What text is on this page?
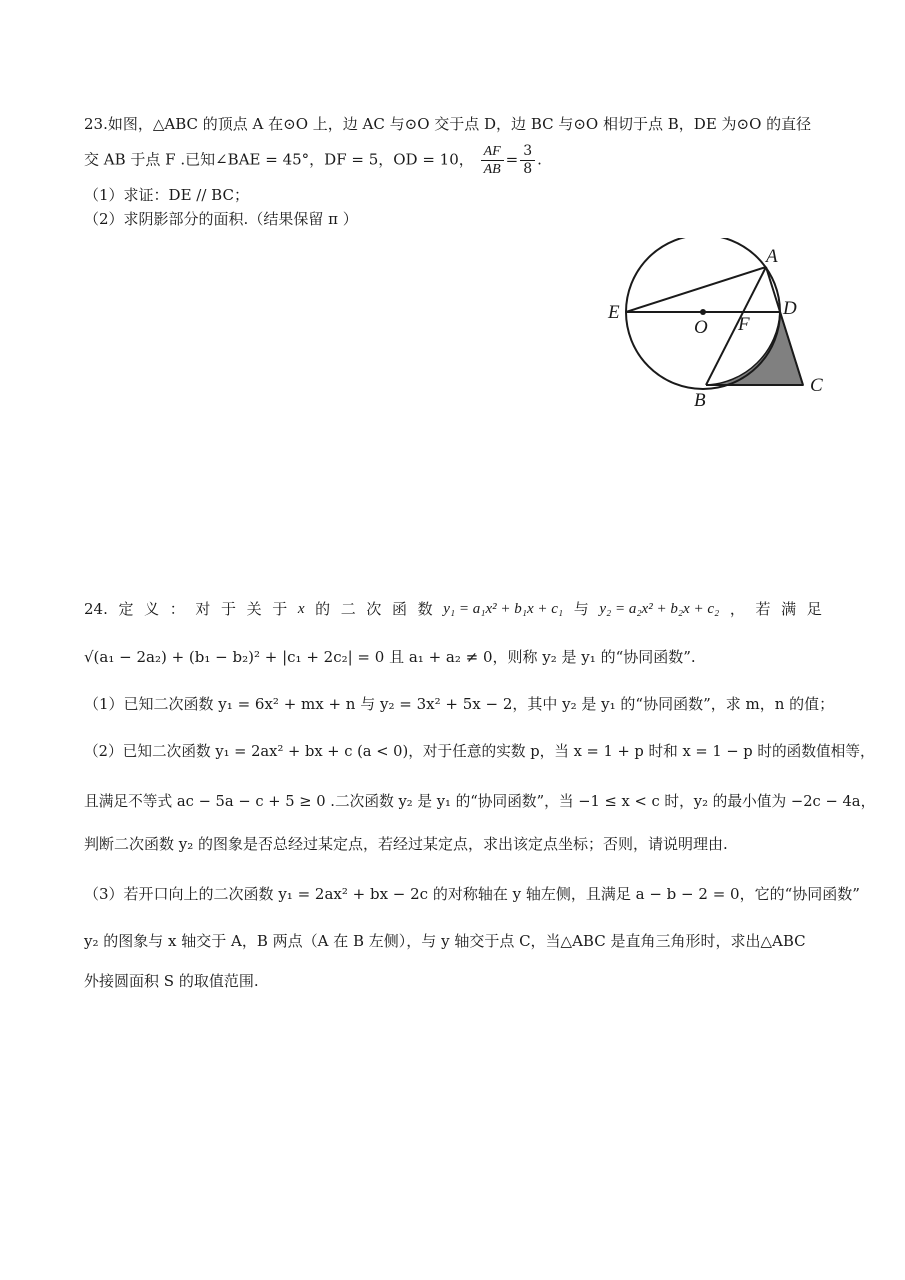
23.如图，△ABC 的顶点 A 在⊙O 上，边 AC 与⊙O 交于点 D，边 BC 与⊙O 相切于点 B，DE 为⊙O 的直径
交 AB 于点 F .已知∠BAE = 45°，DF = 5，OD = 10， $\frac{AF}{AB} = \frac{3}{8}$ .
（1）求证：DE // BC；
（2）求阴影部分的面积.（结果保留 π ）
A
D
E
O F
B
C
24. 定 义 ： 对 于 关 于 x 的 二 次 函 数 y₁ = a₁x² + b₁x + c₁ 与 y₂ = a₂x² + b₂x + c₂ ， 若 满 足
√(a₁ − 2a₂) + (b₁ − b₂)² + |c₁ + 2c₂| = 0 且 a₁ + a₂ ≠ 0，则称 y₂ 是 y₁ 的“协同函数”.
（1）已知二次函数 y₁ = 6x² + mx + n 与 y₂ = 3x² + 5x − 2，其中 y₂ 是 y₁ 的“协同函数”，求 m，n 的值；
（2）已知二次函数 y₁ = 2ax² + bx + c (a < 0)，对于任意的实数 p，当 x = 1 + p 时和 x = 1 − p 时的函数值相等，
且满足不等式 ac − 5a − c + 5 ≥ 0 .二次函数 y₂ 是 y₁ 的“协同函数”，当 −1 ≤ x < c 时，y₂ 的最小值为 −2c − 4a，
判断二次函数 y₂ 的图象是否总经过某定点，若经过某定点，求出该定点坐标；否则，请说明理由.
（3）若开口向上的二次函数 y₁ = 2ax² + bx − 2c 的对称轴在 y 轴左侧，且满足 a − b − 2 = 0，它的“协同函数”
y₂ 的图象与 x 轴交于 A，B 两点（A 在 B 左侧），与 y 轴交于点 C，当△ABC 是直角三角形时，求出△ABC
外接圆面积 S 的取值范围.
